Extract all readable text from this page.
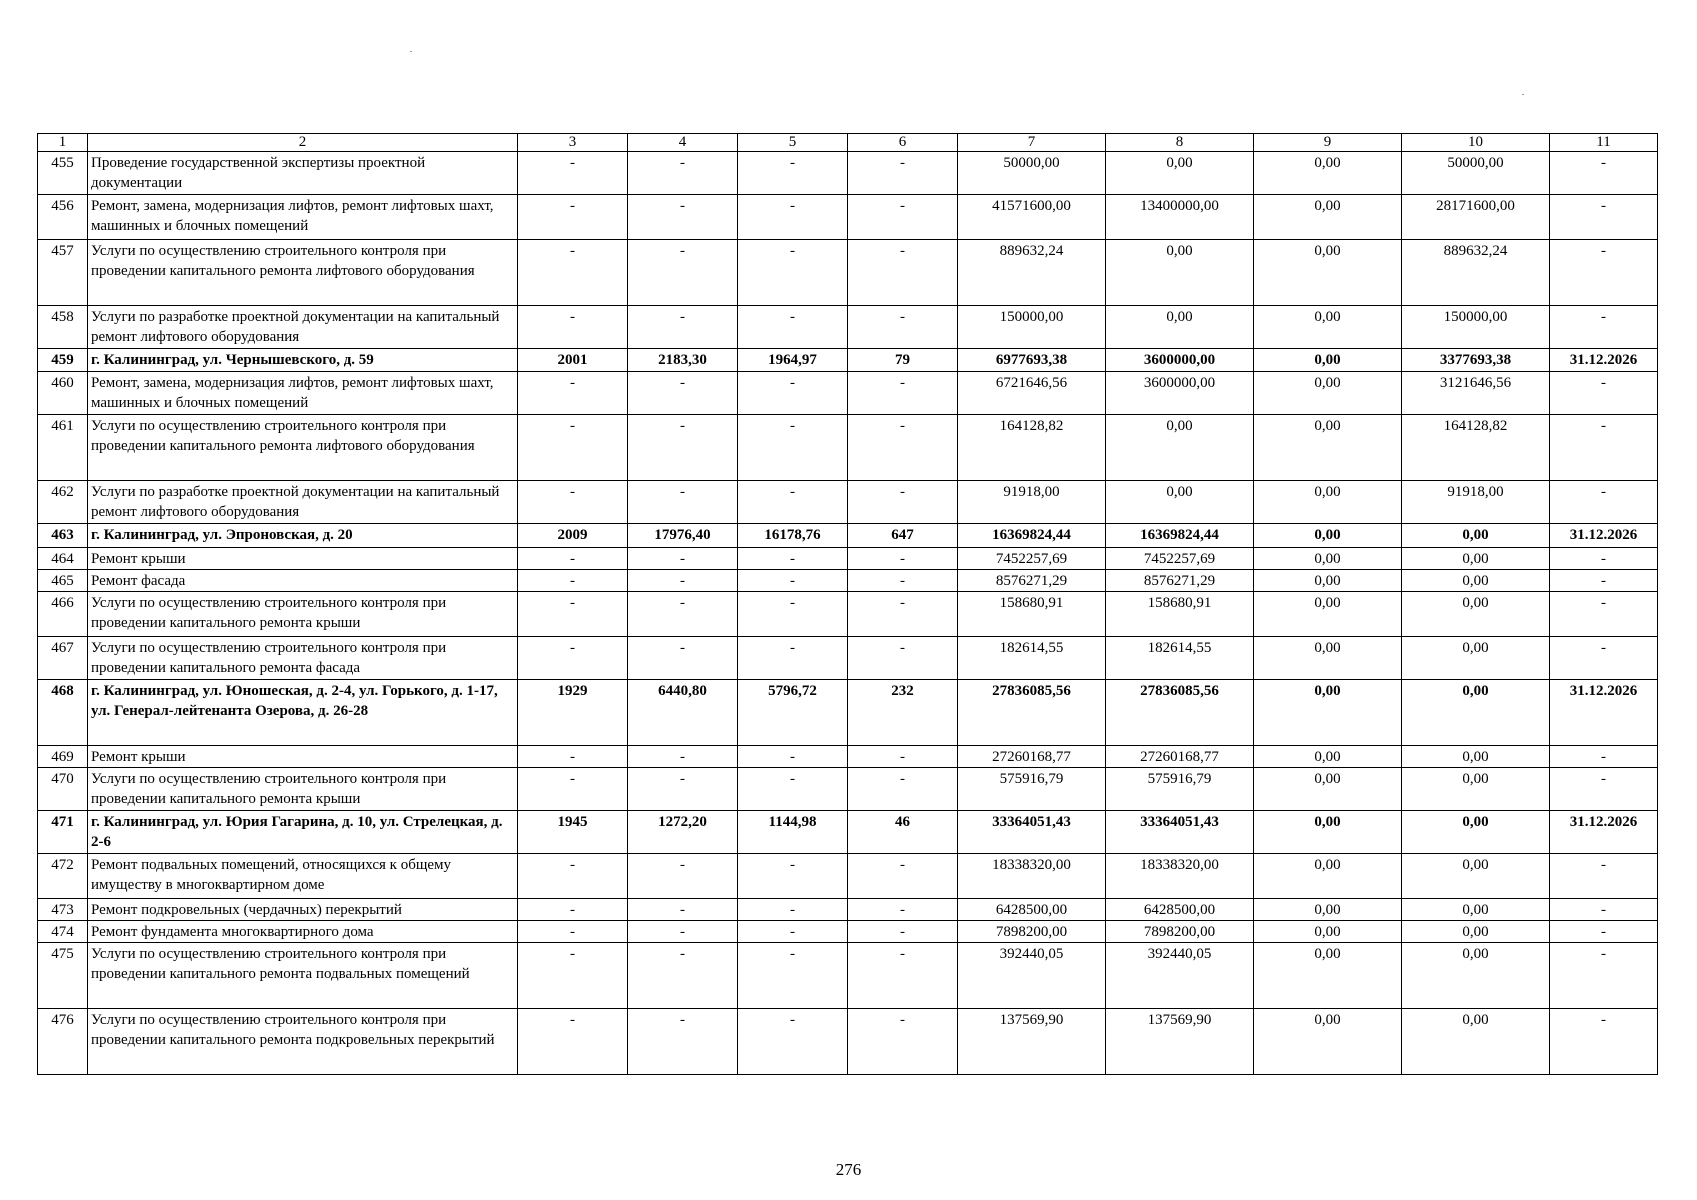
1	2	3	4	5	6	7	8	9	10	11
455	Проведение государственной экспертизы проектной документации	-	-	-	-	50000,00	0,00	0,00	50000,00	-
456	Ремонт, замена, модернизация лифтов, ремонт лифтовых шахт, машинных и блочных помещений	-	-	-	-	41571600,00	13400000,00	0,00	28171600,00	-
457	Услуги по осуществлению строительного контроля при проведении капитального ремонта лифтового оборудования	-	-	-	-	889632,24	0,00	0,00	889632,24	-
458	Услуги по разработке проектной документации на капитальный ремонт лифтового оборудования	-	-	-	-	150000,00	0,00	0,00	150000,00	-
459	г. Калининград, ул. Чернышевского, д. 59	2001	2183,30	1964,97	79	6977693,38	3600000,00	0,00	3377693,38	31.12.2026
460	Ремонт, замена, модернизация лифтов, ремонт лифтовых шахт, машинных и блочных помещений	-	-	-	-	6721646,56	3600000,00	0,00	3121646,56	-
461	Услуги по осуществлению строительного контроля при проведении капитального ремонта лифтового оборудования	-	-	-	-	164128,82	0,00	0,00	164128,82	-
462	Услуги по разработке проектной документации на капитальный ремонт лифтового оборудования	-	-	-	-	91918,00	0,00	0,00	91918,00	-
463	г. Калининград, ул. Эпроновская, д. 20	2009	17976,40	16178,76	647	16369824,44	16369824,44	0,00	0,00	31.12.2026
464	Ремонт крыши	-	-	-	-	7452257,69	7452257,69	0,00	0,00	-
465	Ремонт фасада	-	-	-	-	8576271,29	8576271,29	0,00	0,00	-
466	Услуги по осуществлению строительного контроля при проведении капитального ремонта крыши	-	-	-	-	158680,91	158680,91	0,00	0,00	-
467	Услуги по осуществлению строительного контроля при проведении капитального ремонта фасада	-	-	-	-	182614,55	182614,55	0,00	0,00	-
468	г. Калининград, ул. Юношеская, д. 2-4, ул. Горького, д. 1-17, ул. Генерал-лейтенанта Озерова, д. 26-28	1929	6440,80	5796,72	232	27836085,56	27836085,56	0,00	0,00	31.12.2026
469	Ремонт крыши	-	-	-	-	27260168,77	27260168,77	0,00	0,00	-
470	Услуги по осуществлению строительного контроля при проведении капитального ремонта крыши	-	-	-	-	575916,79	575916,79	0,00	0,00	-
471	г. Калининград, ул. Юрия Гагарина, д. 10, ул. Стрелецкая, д. 2-6	1945	1272,20	1144,98	46	33364051,43	33364051,43	0,00	0,00	31.12.2026
472	Ремонт подвальных помещений, относящихся к общему имуществу в многоквартирном доме	-	-	-	-	18338320,00	18338320,00	0,00	0,00	-
473	Ремонт подкровельных (чердачных) перекрытий	-	-	-	-	6428500,00	6428500,00	0,00	0,00	-
474	Ремонт фундамента многоквартирного дома	-	-	-	-	7898200,00	7898200,00	0,00	0,00	-
475	Услуги по осуществлению строительного контроля при проведении капитального ремонта подвальных помещений	-	-	-	-	392440,05	392440,05	0,00	0,00	-
476	Услуги по осуществлению строительного контроля при проведении капитального ремонта подкровельных перекрытий	-	-	-	-	137569,90	137569,90	0,00	0,00	-
276
